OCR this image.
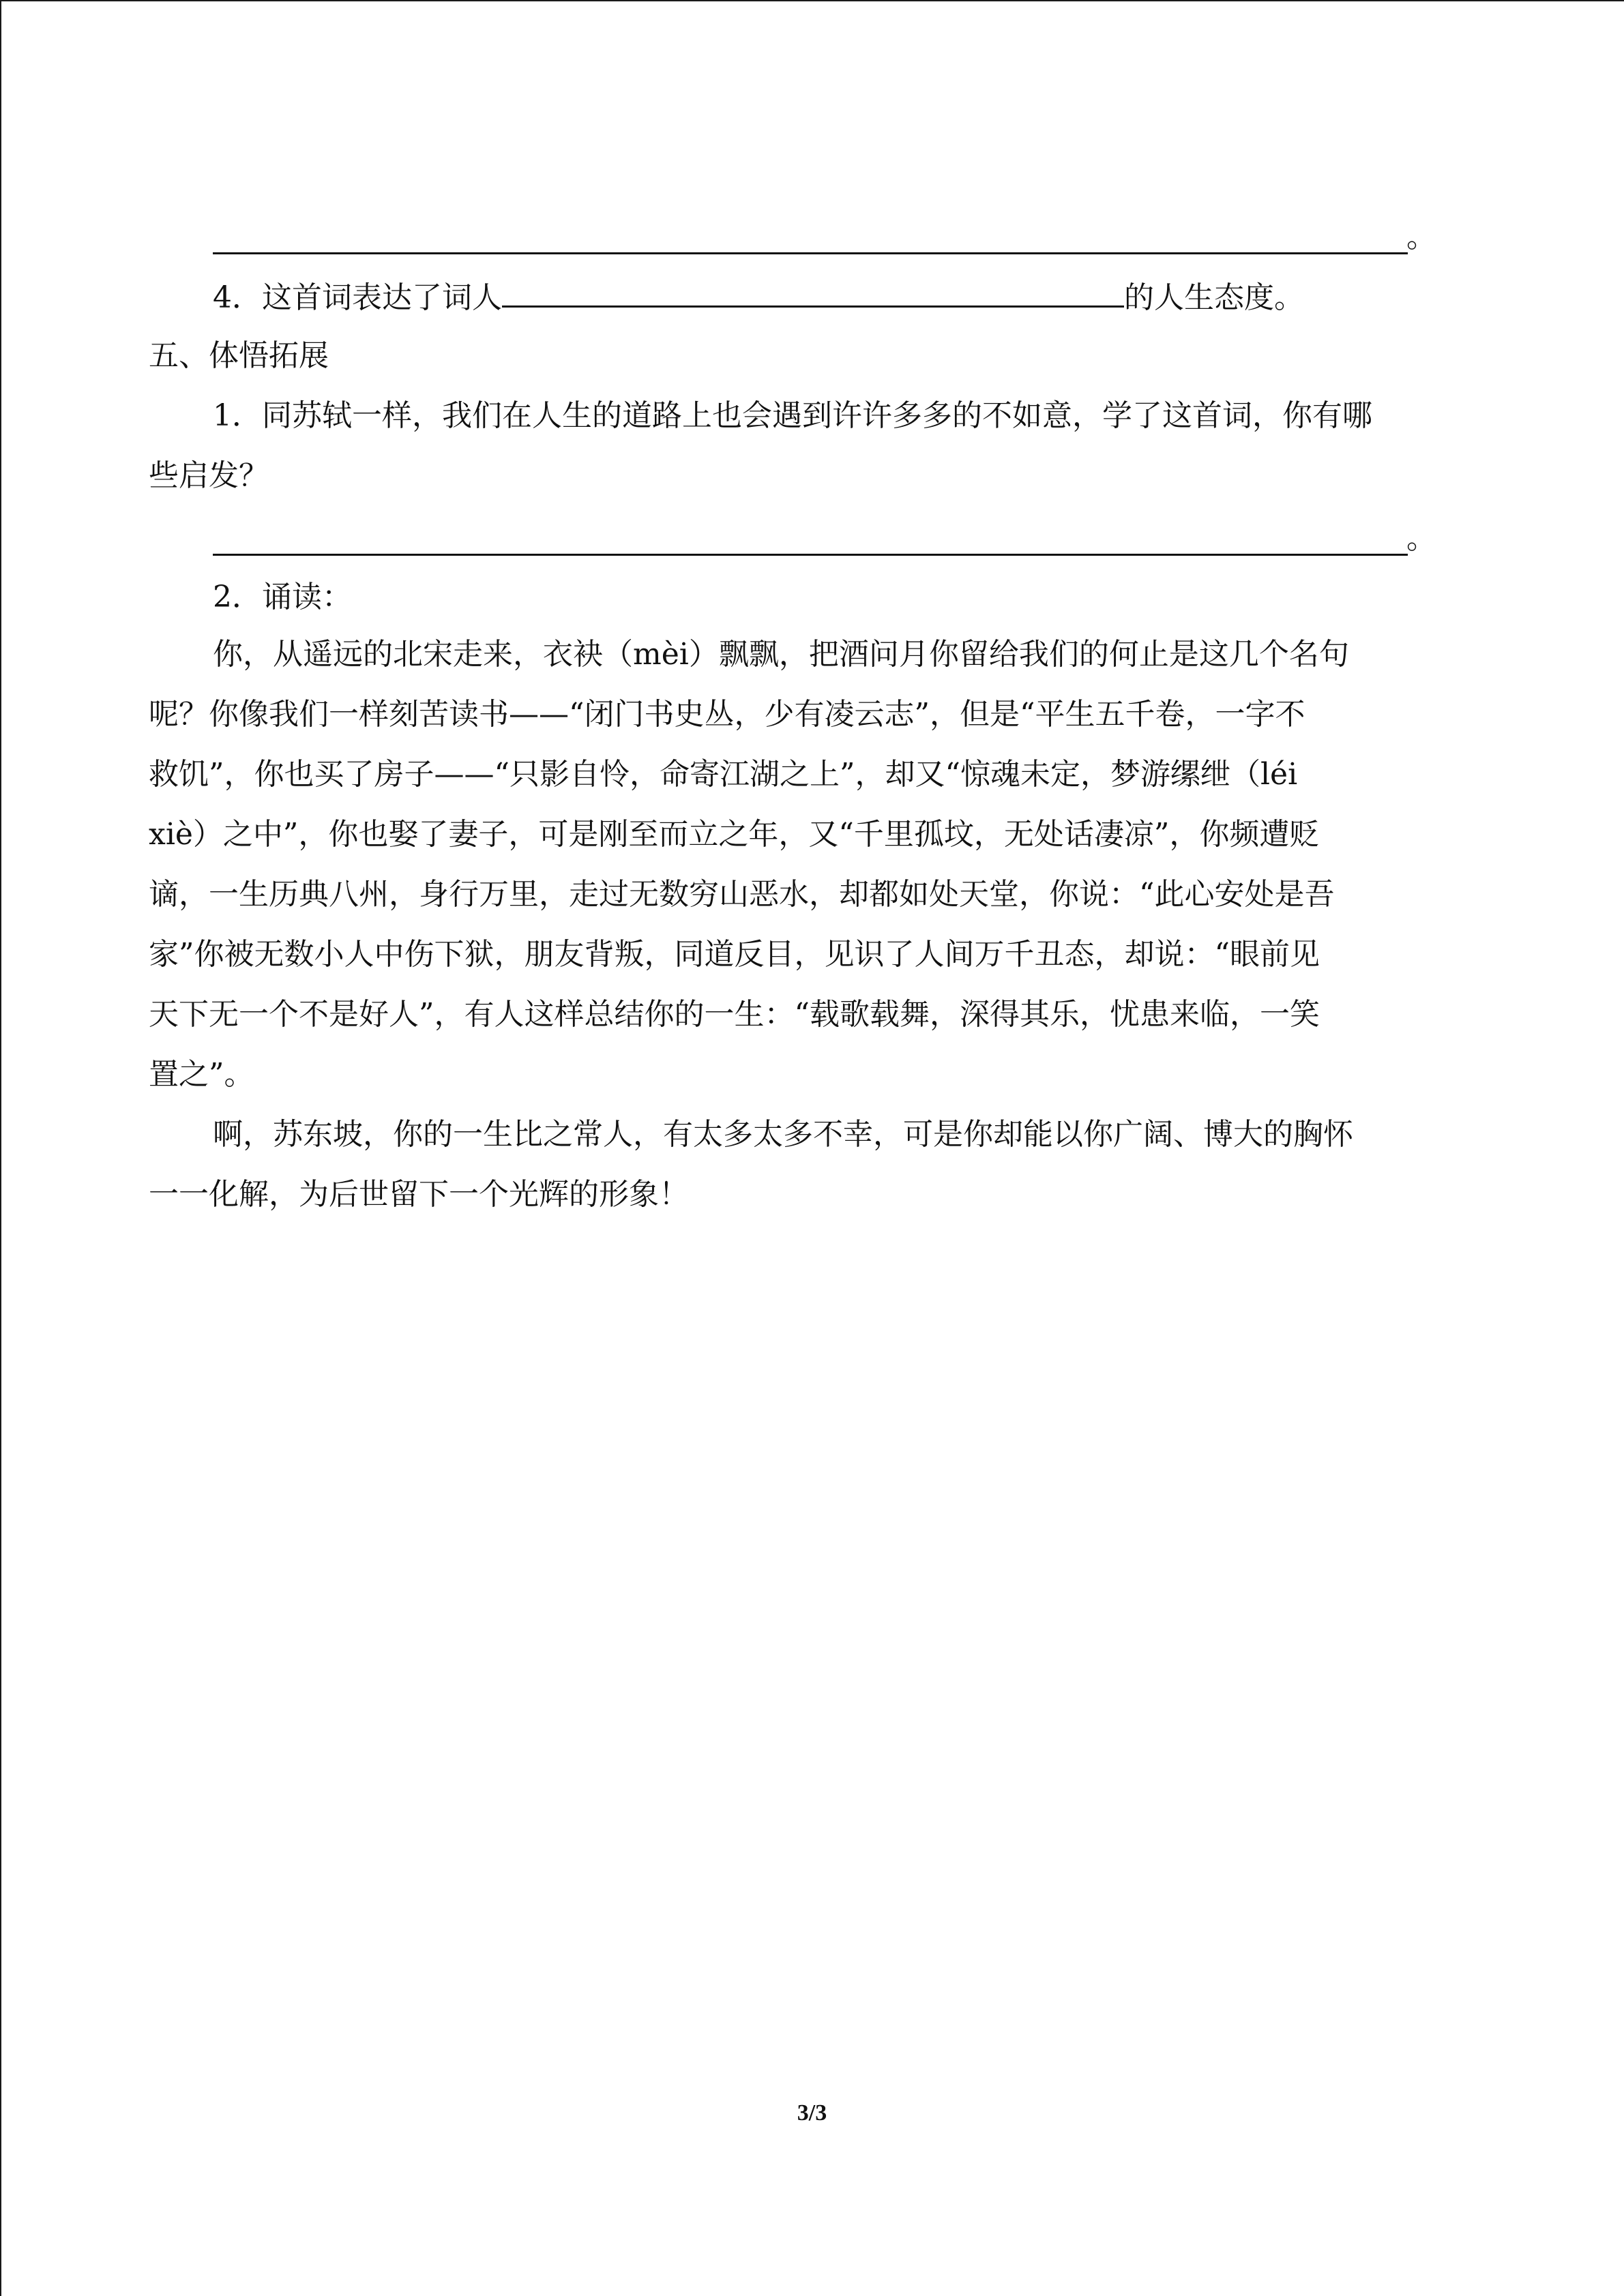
。
4．这首词表达了词人	的人生态度。
五、体悟拓展
1．同苏轼一样，我们在人生的道路上也会遇到许许多多的不如意，学了这首词，你有哪
些启发？
。
2．诵读：
你，从遥远的北宋走来，衣袂（mèi）飘飘，把酒问月你留给我们的何止是这几个名句
呢？你像我们一样刻苦读书——“闭门书史丛，少有凌云志”，但是“平生五千卷，一字不
救饥”，你也买了房子——“只影自怜，命寄江湖之上”，却又“惊魂未定，梦游缧绁（léi
xiè）之中”，你也娶了妻子，可是刚至而立之年，又“千里孤坟，无处话凄凉”，你频遭贬
谪，一生历典八州，身行万里，走过无数穷山恶水，却都如处天堂，你说：“此心安处是吾
家”你被无数小人中伤下狱，朋友背叛，同道反目，见识了人间万千丑态，却说：“眼前见
天下无一个不是好人”，有人这样总结你的一生：“载歌载舞，深得其乐，忧患来临，一笑
置之”。
啊，苏东坡，你的一生比之常人，有太多太多不幸，可是你却能以你广阔、博大的胸怀
一一化解，为后世留下一个光辉的形象！
3/3
